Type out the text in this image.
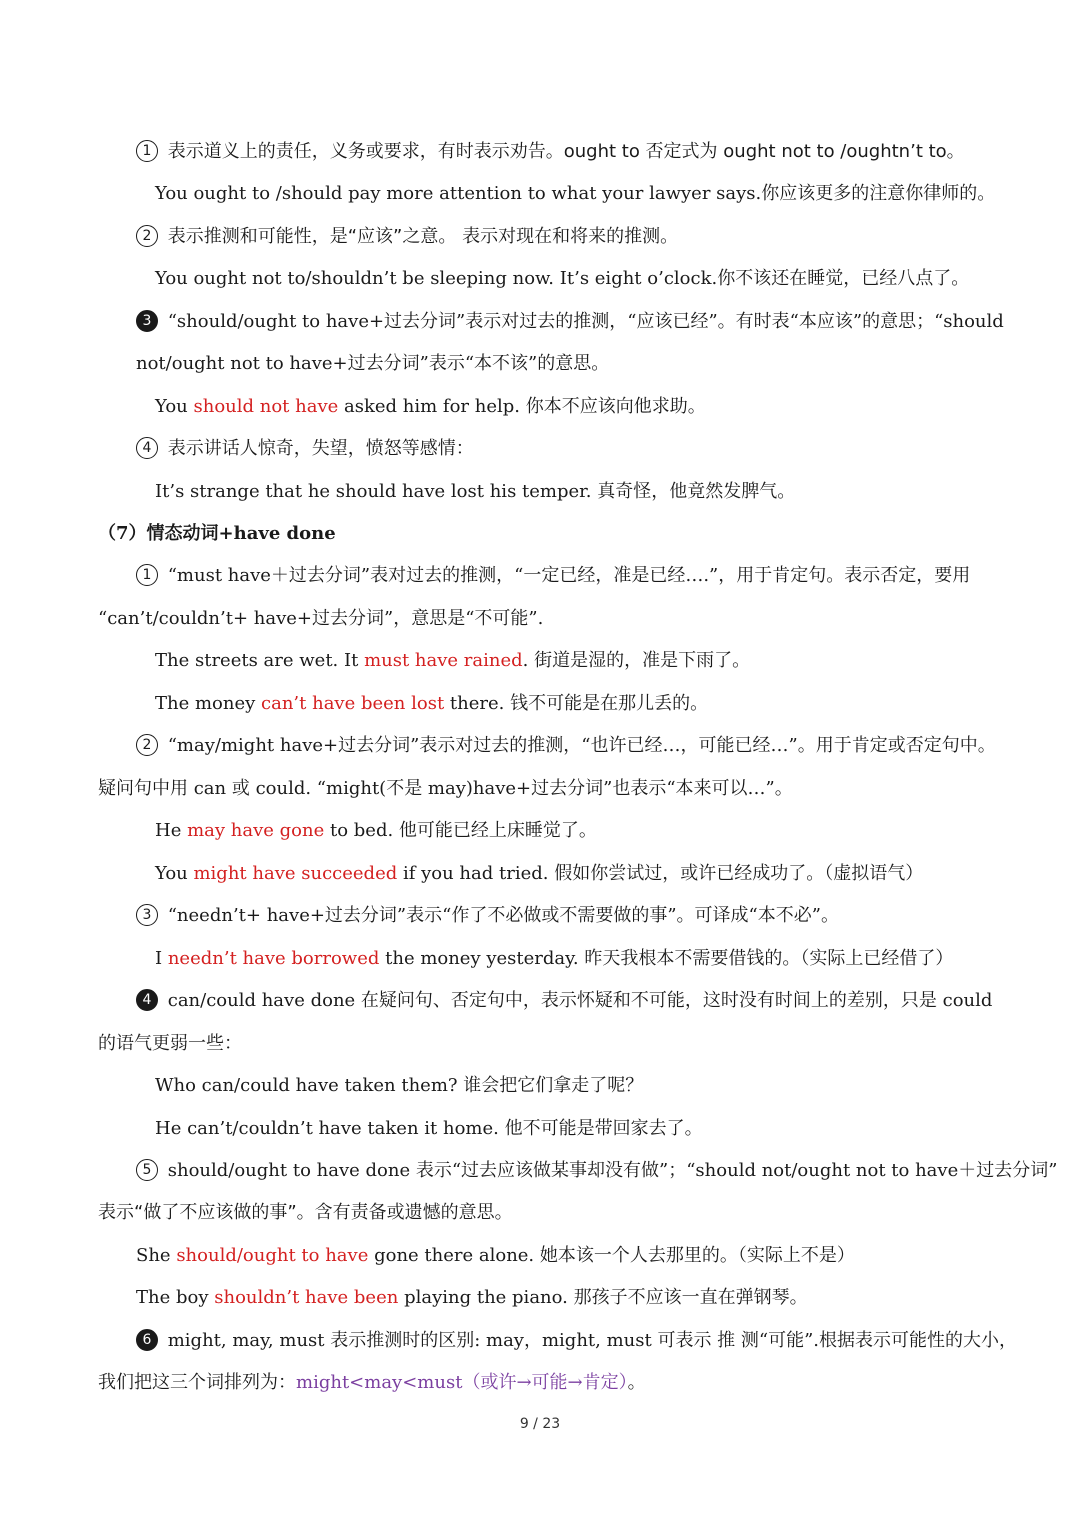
1 表示道义上的责任，义务或要求，有时表示劝告。ought to 否定式为 ought not to /oughtn’t to。
You ought to /should pay more attention to what your lawyer says.你应该更多的注意你律师的。
2 表示推测和可能性，是“应该”之意。 表示对现在和将来的推测。
You ought not to/shouldn’t be sleeping now. It’s eight o’clock.你不该还在睡觉，已经八点了。
3 “should/ought to have+过去分词”表示对过去的推测，“应该已经”。有时表“本应该”的意思；“should
not/ought not to have+过去分词”表示“本不该”的意思。
You should not have asked him for help. 你本不应该向他求助。
4 表示讲话人惊奇，失望，愤怒等感情：
It’s strange that he should have lost his temper. 真奇怪，他竟然发脾气。
（7）情态动词+have done
1 “must have＋过去分词”表对过去的推测，“一定已经，准是已经….”，用于肯定句。表示否定，要用
“can’t/couldn’t+ have+过去分词”，意思是“不可能”.
The streets are wet. It must have rained. 街道是湿的，准是下雨了。
The money can’t have been lost there. 钱不可能是在那儿丢的。
2 “may/might have+过去分词”表示对过去的推测，“也许已经…，可能已经…”。用于肯定或否定句中。
疑问句中用 can 或 could. “might(不是 may)have+过去分词”也表示“本来可以…”。
He may have gone to bed. 他可能已经上床睡觉了。
You might have succeeded if you had tried. 假如你尝试过，或许已经成功了。（虚拟语气）
3 “needn’t+ have+过去分词”表示“作了不必做或不需要做的事”。可译成“本不必”。
I needn’t have borrowed the money yesterday. 昨天我根本不需要借钱的。（实际上已经借了）
4 can/could have done 在疑问句、否定句中，表示怀疑和不可能，这时没有时间上的差别，只是 could
的语气更弱一些：
Who can/could have taken them? 谁会把它们拿走了呢？
He can’t/couldn’t have taken it home. 他不可能是带回家去了。
5 should/ought to have done 表示“过去应该做某事却没有做”；“should not/ought not to have＋过去分词”
表示“做了不应该做的事”。含有责备或遗憾的意思。
She should/ought to have gone there alone. 她本该一个人去那里的。（实际上不是）
The boy shouldn’t have been playing the piano. 那孩子不应该一直在弹钢琴。
6 might, may, must 表示推测时的区别: may，might, must 可表示 推 测“可能”.根据表示可能性的大小，
我们把这三个词排列为：might<may<must（或许→可能→肯定）。
9 / 23
